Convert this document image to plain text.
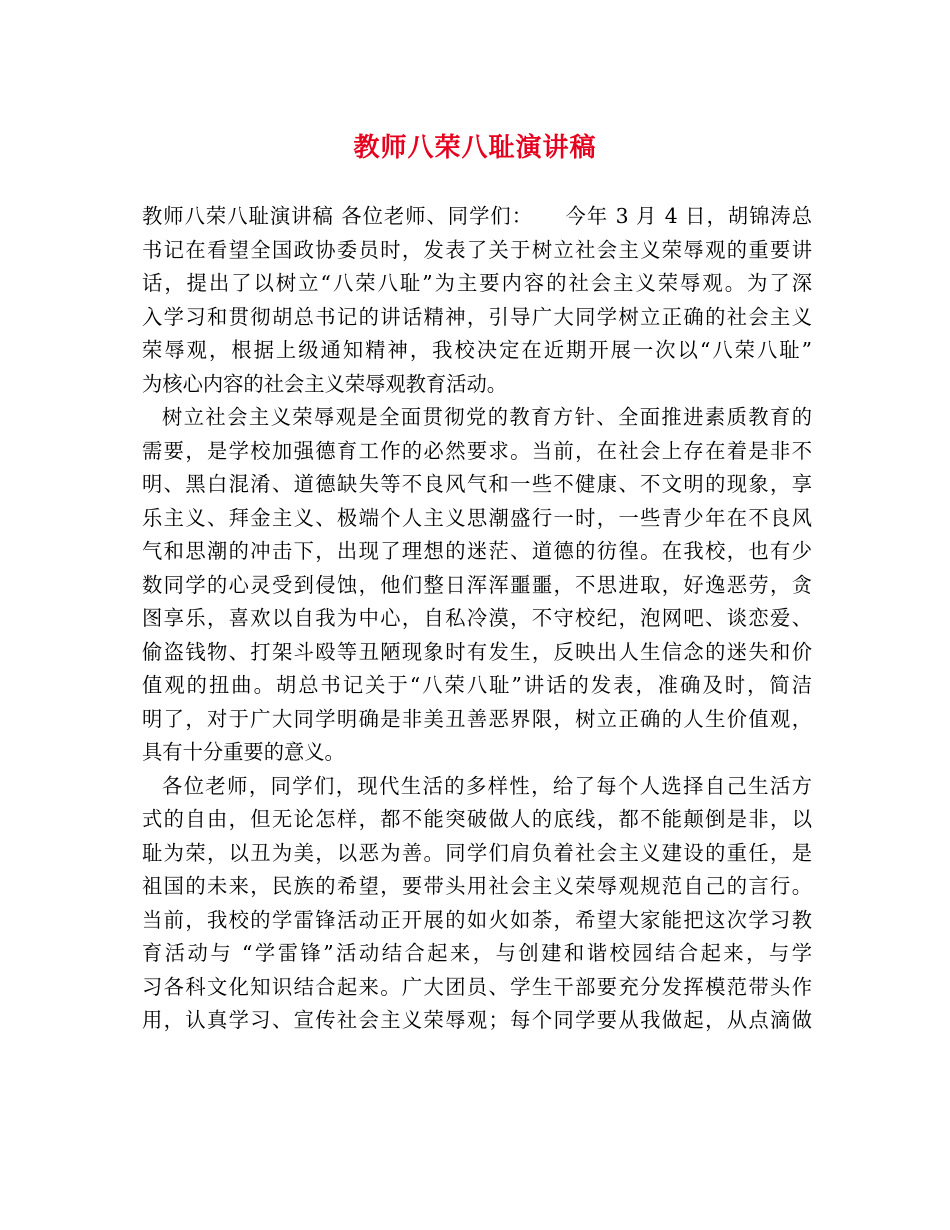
教师八荣八耻演讲稿
教师八荣八耻演讲稿 各位老师、同学们：　　今年 3 月 4 日，胡锦涛总
书记在看望全国政协委员时，发表了关于树立社会主义荣辱观的重要讲
话，提出了以树立“八荣八耻”为主要内容的社会主义荣辱观。为了深
入学习和贯彻胡总书记的讲话精神，引导广大同学树立正确的社会主义
荣辱观，根据上级通知精神，我校决定在近期开展一次以“八荣八耻”
为核心内容的社会主义荣辱观教育活动。
树立社会主义荣辱观是全面贯彻党的教育方针、全面推进素质教育的
需要，是学校加强德育工作的必然要求。当前，在社会上存在着是非不
明、黑白混淆、道德缺失等不良风气和一些不健康、不文明的现象，享
乐主义、拜金主义、极端个人主义思潮盛行一时，一些青少年在不良风
气和思潮的冲击下，出现了理想的迷茫、道德的彷徨。在我校，也有少
数同学的心灵受到侵蚀，他们整日浑浑噩噩，不思进取，好逸恶劳，贪
图享乐，喜欢以自我为中心，自私冷漠，不守校纪，泡网吧、谈恋爱、
偷盗钱物、打架斗殴等丑陋现象时有发生，反映出人生信念的迷失和价
值观的扭曲。胡总书记关于“八荣八耻”讲话的发表，准确及时，简洁
明了，对于广大同学明确是非美丑善恶界限，树立正确的人生价值观，
具有十分重要的意义。
各位老师，同学们，现代生活的多样性，给了每个人选择自己生活方
式的自由，但无论怎样，都不能突破做人的底线，都不能颠倒是非，以
耻为荣，以丑为美，以恶为善。同学们肩负着社会主义建设的重任，是
祖国的未来，民族的希望，要带头用社会主义荣辱观规范自己的言行。
当前，我校的学雷锋活动正开展的如火如荼，希望大家能把这次学习教
育活动与 “学雷锋”活动结合起来，与创建和谐校园结合起来，与学
习各科文化知识结合起来。广大团员、学生干部要充分发挥模范带头作
用，认真学习、宣传社会主义荣辱观；每个同学要从我做起，从点滴做
